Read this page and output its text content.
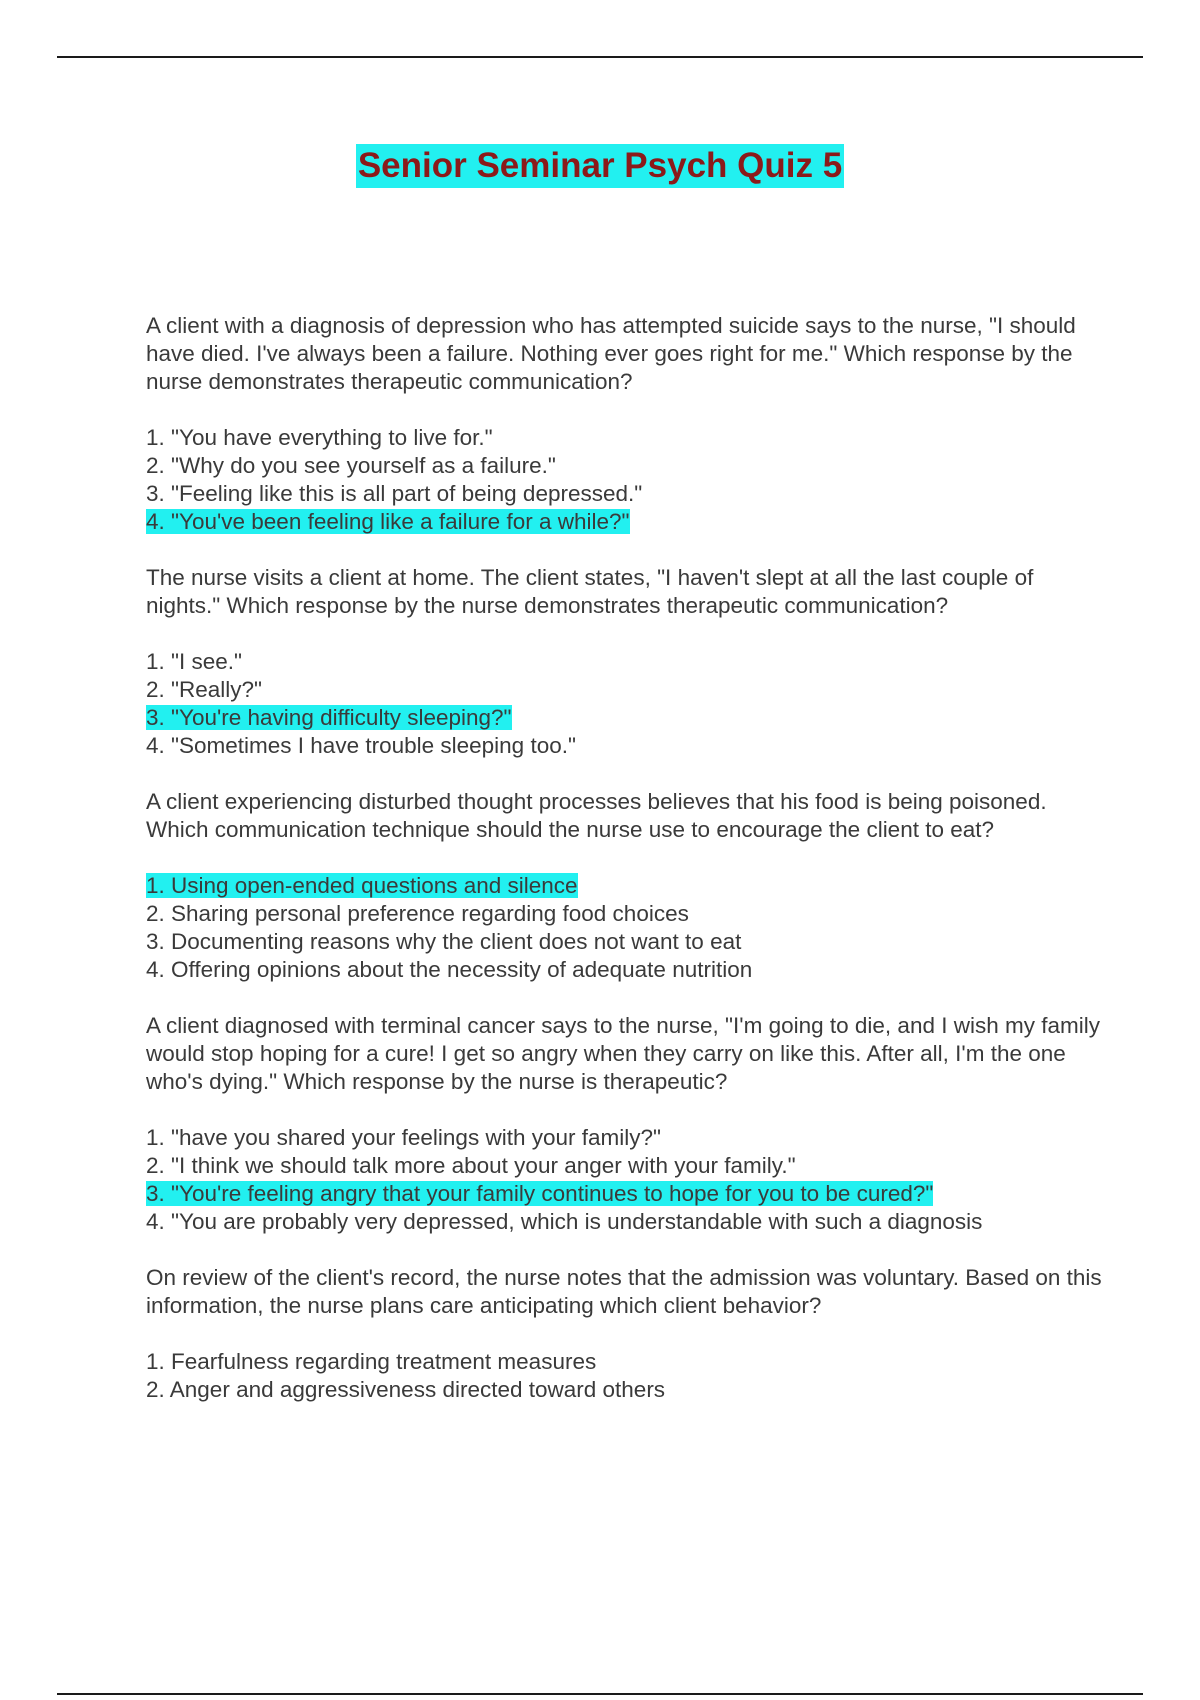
Senior Seminar Psych Quiz 5

A client with a diagnosis of depression who has attempted suicide says to the nurse, "I should have died. I've always been a failure. Nothing ever goes right for me." Which response by the nurse demonstrates therapeutic communication?

1. "You have everything to live for."
2. "Why do you see yourself as a failure."
3. "Feeling like this is all part of being depressed."
4. "You've been feeling like a failure for a while?"

The nurse visits a client at home. The client states, "I haven't slept at all the last couple of nights." Which response by the nurse demonstrates therapeutic communication?

1. "I see."
2. "Really?"
3. "You're having difficulty sleeping?"
4. "Sometimes I have trouble sleeping too."

A client experiencing disturbed thought processes believes that his food is being poisoned. Which communication technique should the nurse use to encourage the client to eat?

1. Using open-ended questions and silence
2. Sharing personal preference regarding food choices
3. Documenting reasons why the client does not want to eat
4. Offering opinions about the necessity of adequate nutrition

A client diagnosed with terminal cancer says to the nurse, "I'm going to die, and I wish my family would stop hoping for a cure! I get so angry when they carry on like this. After all, I'm the one who's dying." Which response by the nurse is therapeutic?

1. "have you shared your feelings with your family?"
2. "I think we should talk more about your anger with your family."
3. "You're feeling angry that your family continues to hope for you to be cured?"
4. "You are probably very depressed, which is understandable with such a diagnosis

On review of the client's record, the nurse notes that the admission was voluntary. Based on this information, the nurse plans care anticipating which client behavior?

1. Fearfulness regarding treatment measures
2. Anger and aggressiveness directed toward others
